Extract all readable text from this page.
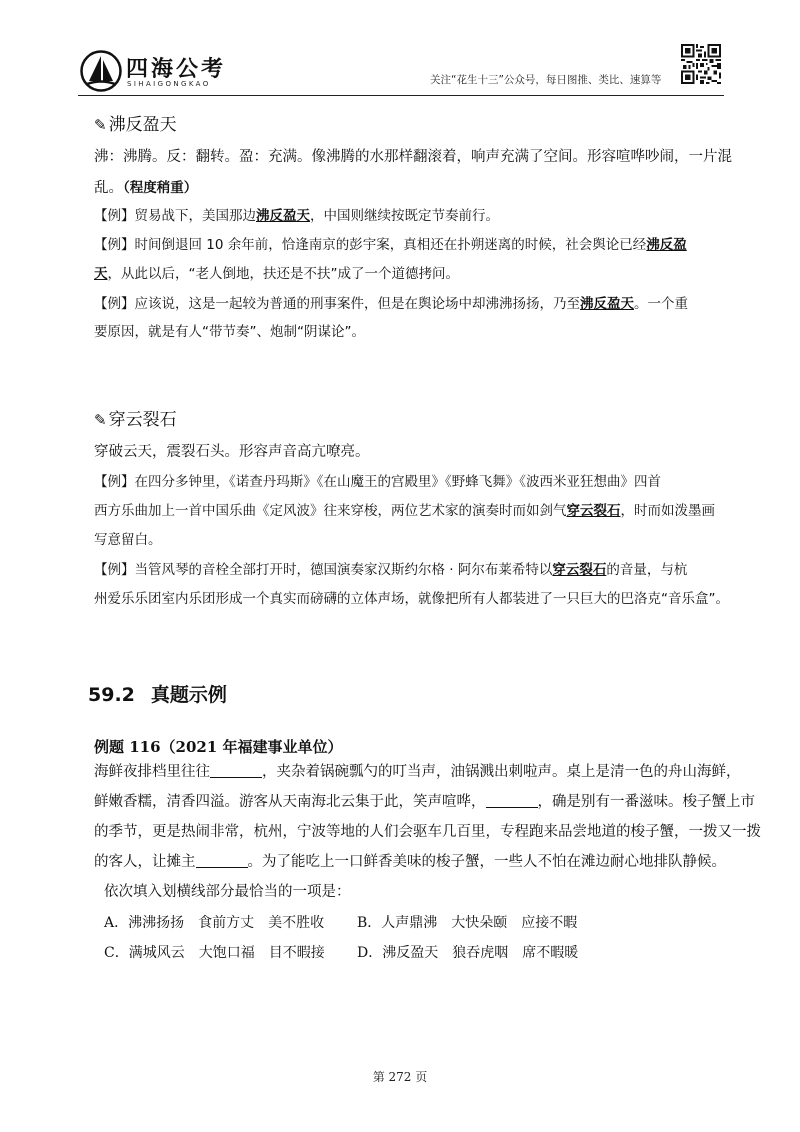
四海公考
SIHAIGONGKAO	关注“花生十三”公众号，每日图推、类比、速算等
✎ 沸反盈天
沸：沸腾。反：翻转。盈：充满。像沸腾的水那样翻滚着，响声充满了空间。形容喧哗吵闹，一片混
乱。（程度稍重）
【例】贸易战下，美国那边沸反盈天，中国则继续按既定节奏前行。
【例】时间倒退回 10 余年前，恰逢南京的彭宇案，真相还在扑朔迷离的时候，社会舆论已经沸反盈
天，从此以后，“老人倒地，扶还是不扶”成了一个道德拷问。
【例】应该说，这是一起较为普通的刑事案件，但是在舆论场中却沸沸扬扬，乃至沸反盈天。一个重
要原因，就是有人“带节奏”、炮制“阴谋论”。
✎ 穿云裂石
穿破云天，震裂石头。形容声音高亢嘹亮。
【例】在四分多钟里，《诺查丹玛斯》《在山魔王的宫殿里》《野蜂飞舞》《波西米亚狂想曲》四首
西方乐曲加上一首中国乐曲《定风波》往来穿梭，两位艺术家的演奏时而如剑气穿云裂石，时而如泼墨画
写意留白。
【例】当管风琴的音栓全部打开时，德国演奏家汉斯约尔格 · 阿尔布莱希特以穿云裂石的音量，与杭
州爱乐乐团室内乐团形成一个真实而磅礴的立体声场，就像把所有人都装进了一只巨大的巴洛克“音乐盒”。
59.2 真题示例
例题 116（2021 年福建事业单位）
海鲜夜排档里往往	，夹杂着锅碗瓢勺的叮当声，油锅溅出刺啦声。桌上是清一色的舟山海鲜，
鲜嫩香糯，清香四溢。游客从天南海北云集于此，笑声喧哗，	，确是别有一番滋味。梭子蟹上市
的季节，更是热闹非常，杭州，宁波等地的人们会驱车几百里，专程跑来品尝地道的梭子蟹，一拨又一拨
的客人，让摊主	。为了能吃上一口鲜香美味的梭子蟹，一些人不怕在滩边耐心地排队静候。
依次填入划横线部分最恰当的一项是：
A．沸沸扬扬　食前方丈　美不胜收 B．人声鼎沸　大快朵颐　应接不暇
C．满城风云　大饱口福　目不暇接 D．沸反盈天　狼吞虎咽　席不暇暖
第 272 页
